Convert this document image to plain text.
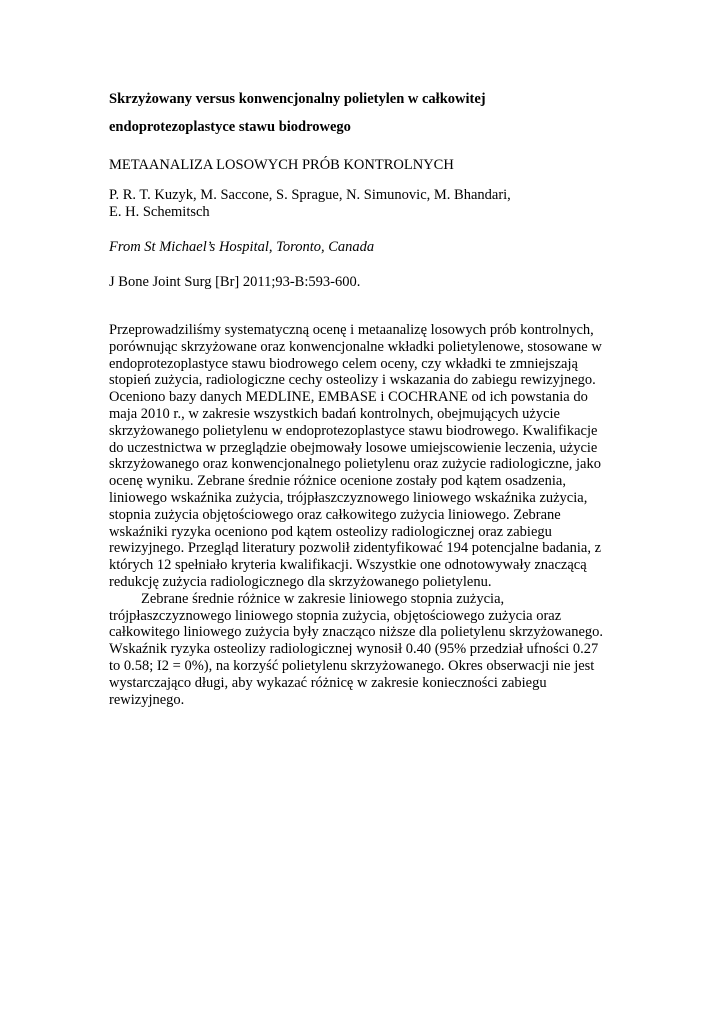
Skrzyżowany versus konwencjonalny polietylen w całkowitej
endoprotezoplastyce stawu biodrowego
METAANALIZA LOSOWYCH PRÓB KONTROLNYCH
P. R. T. Kuzyk, M. Saccone, S. Sprague, N. Simunovic, M. Bhandari,
E. H. Schemitsch
From St Michael’s Hospital, Toronto, Canada
J Bone Joint Surg [Br] 2011;93-B:593-600.
Przeprowadziliśmy systematyczną ocenę i metaanalizę losowych prób kontrolnych,
porównując skrzyżowane oraz konwencjonalne wkładki polietylenowe, stosowane w
endoprotezoplastyce stawu biodrowego celem oceny, czy wkładki te zmniejszają
stopień zużycia, radiologiczne cechy osteolizy i wskazania do zabiegu rewizyjnego.
Oceniono bazy danych MEDLINE, EMBASE i COCHRANE od ich powstania do
maja 2010 r., w zakresie wszystkich badań kontrolnych, obejmujących użycie
skrzyżowanego polietylenu w endoprotezoplastyce stawu biodrowego. Kwalifikacje
do uczestnictwa w przeglądzie obejmowały losowe umiejscowienie leczenia, użycie
skrzyżowanego oraz konwencjonalnego polietylenu oraz zużycie radiologiczne, jako
ocenę wyniku. Zebrane średnie różnice ocenione zostały pod kątem osadzenia,
liniowego wskaźnika zużycia, trójpłaszczyznowego liniowego wskaźnika zużycia,
stopnia zużycia objętościowego oraz całkowitego zużycia liniowego. Zebrane
wskaźniki ryzyka oceniono pod kątem osteolizy radiologicznej oraz zabiegu
rewizyjnego. Przegląd literatury pozwolił zidentyfikować 194 potencjalne badania, z
których 12 spełniało kryteria kwalifikacji. Wszystkie one odnotowywały znaczącą
redukcję zużycia radiologicznego dla skrzyżowanego polietylenu.
Zebrane średnie różnice w zakresie liniowego stopnia zużycia,
trójpłaszczyznowego liniowego stopnia zużycia, objętościowego zużycia oraz
całkowitego liniowego zużycia były znacząco niższe dla polietylenu skrzyżowanego.
Wskaźnik ryzyka osteolizy radiologicznej wynosił 0.40 (95% przedział ufności 0.27
to 0.58; I2 = 0%), na korzyść polietylenu skrzyżowanego. Okres obserwacji nie jest
wystarczająco długi, aby wykazać różnicę w zakresie konieczności zabiegu
rewizyjnego.
